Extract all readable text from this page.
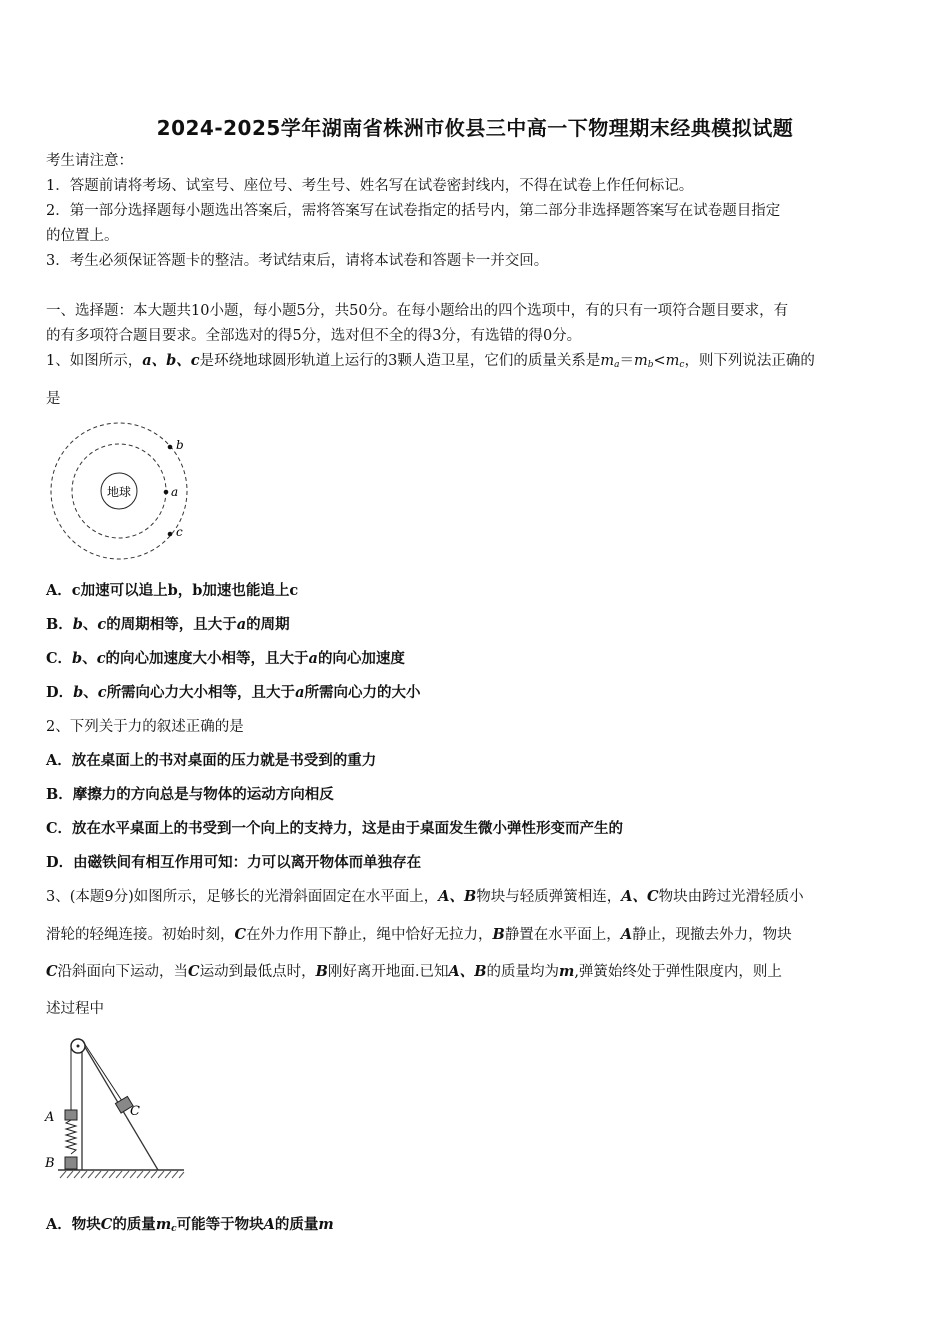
2024-2025学年湖南省株洲市攸县三中高一下物理期末经典模拟试题
考生请注意：
1．答题前请将考场、试室号、座位号、考生号、姓名写在试卷密封线内，不得在试卷上作任何标记。
2．第一部分选择题每小题选出答案后，需将答案写在试卷指定的括号内，第二部分非选择题答案写在试卷题目指定
的位置上。
3．考生必须保证答题卡的整洁。考试结束后，请将本试卷和答题卡一并交回。
一、选择题：本大题共10小题，每小题5分，共50分。在每小题给出的四个选项中，有的只有一项符合题目要求，有
的有多项符合题目要求。全部选对的得5分，选对但不全的得3分，有选错的得0分。
1、如图所示，a、b、c是环绕地球圆形轨道上运行的3颗人造卫星，它们的质量关系是$m_a=m_b<m_c$，则下列说法正确的
是
地球	a
b
c
A．c加速可以追上b，b加速也能追上c
B．b、c的周期相等，且大于a的周期
C．b、c的向心加速度大小相等，且大于a的向心加速度
D．b、c所需向心力大小相等，且大于a所需向心力的大小
2、下列关于力的叙述正确的是
A．放在桌面上的书对桌面的压力就是书受到的重力
B．摩擦力的方向总是与物体的运动方向相反
C．放在水平桌面上的书受到一个向上的支持力，这是由于桌面发生微小弹性形变而产生的
D．由磁铁间有相互作用可知：力可以离开物体而单独存在
3、(本题9分)如图所示，足够长的光滑斜面固定在水平面上，A、B物块与轻质弹簧相连，A、C物块由跨过光滑轻质小
滑轮的轻绳连接。初始时刻，C在外力作用下静止，绳中恰好无拉力，B静置在水平面上，A静止，现撤去外力，物块
C沿斜面向下运动，当C运动到最低点时，B刚好离开地面.已知A、B的质量均为m,弹簧始终处于弹性限度内，则上
述过程中
A
B
C
A．物块C的质量$m_c$可能等于物块A的质量m
